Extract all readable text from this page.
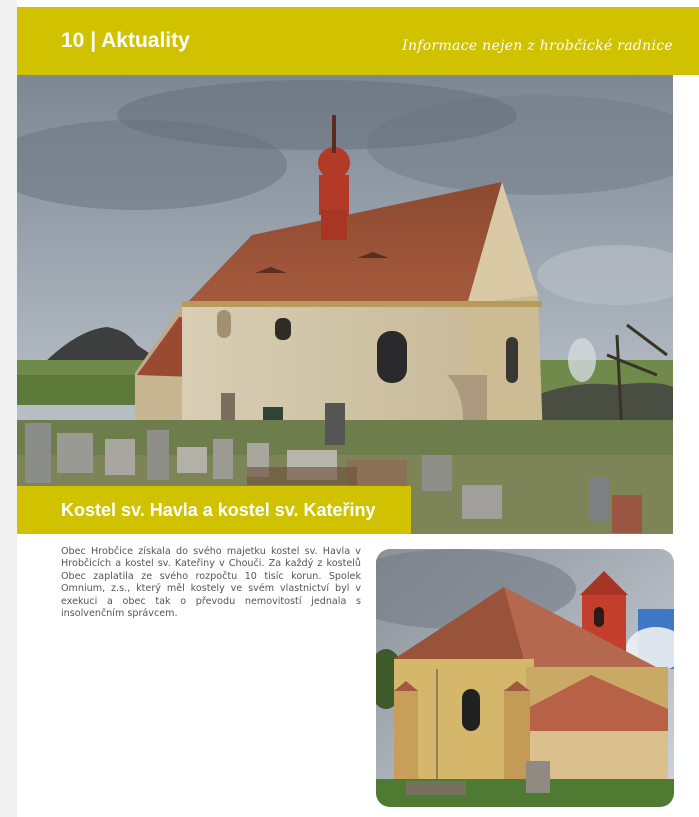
10 | Aktuality	Informace nejen z hrobčické radnice
Kostel sv. Havla a kostel sv. Kateřiny
Obec Hrobčice získala do svého majetku kostel sv. Havla v Hrobčicích a kostel sv. Kateřiny v Chouči. Za každý z kostelů Obec zaplatila ze svého rozpočtu 10 tisíc korun. Spolek Omnium, z.s., který měl kostely ve svém vlastnictví byl v exekuci a obec tak o převodu nemovitostí jednala s insolvenčním správcem.
